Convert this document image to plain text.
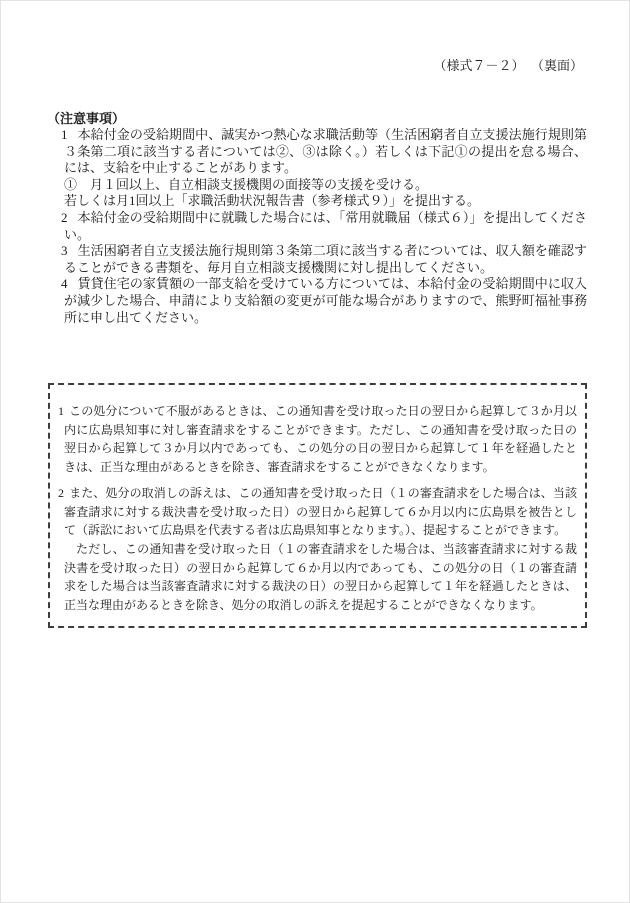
（様式７－２） （裏面）
（注意事項）
1 本給付金の受給期間中、誠実かつ熱心な求職活動等（生活困窮者自立支援法施行規則第３条第二項に該当する者については②、③は除く。）若しくは下記①の提出を怠る場合、には、支給を中止することがあります。
①　月１回以上、自立相談支援機関の面接等の支援を受ける。
若しくは月1回以上「求職活動状況報告書（参考様式９）」を提出する。
2 本給付金の受給期間中に就職した場合には、「常用就職届（様式６）」を提出してください。
3 生活困窮者自立支援法施行規則第３条第二項に該当する者については、収入額を確認することができる書類を、毎月自立相談支援機関に対し提出してください。
4 賃貸住宅の家賃額の一部支給を受けている方については、本給付金の受給期間中に収入が減少した場合、申請により支給額の変更が可能な場合がありますので、熊野町福祉事務所に申し出てください。
1 この処分について不服があるときは、この通知書を受け取った日の翌日から起算して３か月以内に広島県知事に対し審査請求をすることができます。ただし、この通知書を受け取った日の翌日から起算して３か月以内であっても、この処分の日の翌日から起算して１年を経過したときは、正当な理由があるときを除き、審査請求をすることができなくなります。
2 また、処分の取消しの訴えは、この通知書を受け取った日（１の審査請求をした場合は、当該審査請求に対する裁決書を受け取った日）の翌日から起算して６か月以内に広島県を被告として（訴訟において広島県を代表する者は広島県知事となります。）、提起することができます。
ただし、この通知書を受け取った日（１の審査請求をした場合は、当該審査請求に対する裁決書を受け取った日）の翌日から起算して６か月以内であっても、この処分の日（１の審査請求をした場合は当該審査請求に対する裁決の日）の翌日から起算して１年を経過したときは、正当な理由があるときを除き、処分の取消しの訴えを提起することができなくなります。
